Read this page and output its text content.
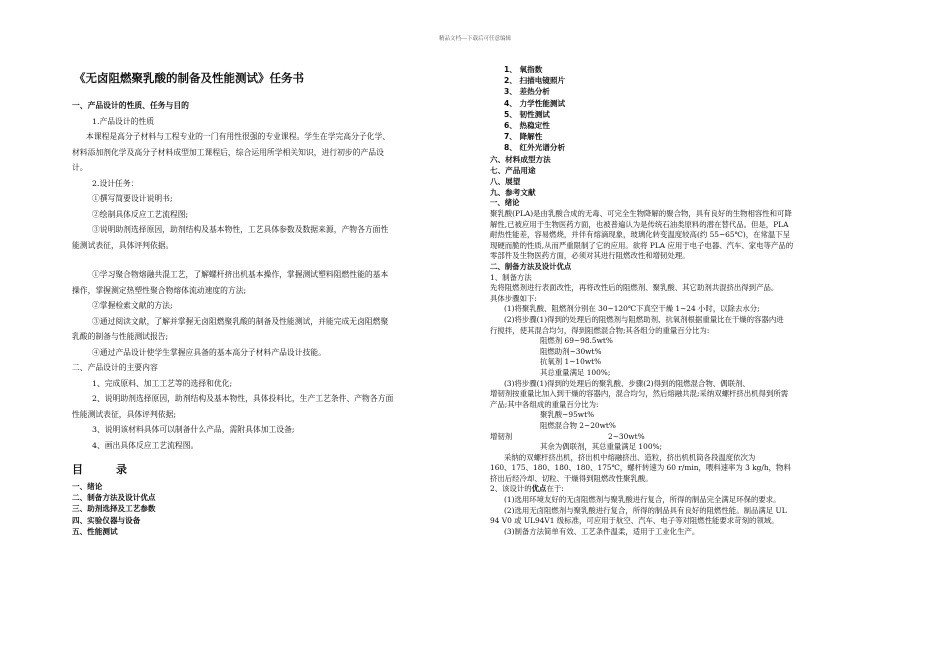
精品文档---下载后可任意编辑
《无卤阻燃聚乳酸的制备及性能测试》任务书
一、产品设计的性质、任务与目的
1.产品设计的性质
本课程是高分子材料与工程专业的一门有用性很强的专业课程。学生在学完高分子化学、
材料添加剂化学及高分子材料成型加工课程后，综合运用所学相关知识，进行初步的产品设
计。
2.设计任务：
①撰写简要设计说明书;
②绘制具体反应工艺流程图;
③说明助剂选择原因，助剂结构及基本物性，工艺具体参数及数据来源，产物各方面性
能测试表征，具体评判依据。
①学习聚合物熔融共混工艺，了解螺杆挤出机基本操作，掌握测试塑料阻燃性能的基本
操作，掌握测定热塑性聚合物熔体流动速度的方法;
②掌握检索文献的方法;
③通过阅读文献，了解并掌握无卤阻燃聚乳酸的制备及性能测试，并能完成无卤阻燃聚
乳酸的制备与性能测试报告;
④通过产品设计使学生掌握应具备的基本高分子材料产品设计技能。
二、产品设计的主要内容
1、完成原料、加工工艺等的选择和优化;
2、说明助剂选择原因，助剂结构及基本物性，具体投料比，生产工艺条件、产物各方面
性能测试表征，具体评判依据;
3、说明该材料具体可以制备什么产品，需附具体加工设备;
4、画出具体反应工艺流程图。
目	录
一、绪论
二、制备方法及设计优点
三、助剂选择及工艺参数
四、实验仪器与设备
五、性能测试
1、 氧指数
2、 扫描电镜照片
3、 差热分析
4、 力学性能测试
5、 韧性测试
6、 热稳定性
7、 降解性
8、 红外光谱分析
六、材料成型方法
七、产品用途
八、展望
九、参考文献
一、绪论
聚乳酸(PLA)是由乳酸合成的无毒、可完全生物降解的聚合物，具有良好的生物相容性和可降
解性,已被应用于生物医药方面，也被普遍认为是传统石油类原料的潜在替代品。但是，PLA
耐热性能差，容易燃烧，并伴有熔滴现象，玻璃化转变温度较高(约 55~65℃)，在常温下呈
现硬而脆的性质,从而严重限制了它的应用。欲将 PLA 应用于电子电器、汽车、家电等产品的
零部件及生物医药方面，必须对其进行阻燃改性和增韧处理。
二、制备方法及设计优点
1、制备方法
先将阻燃剂进行表面改性，再将改性后的阻燃剂、聚乳酸、其它助剂共混挤出得到产品。
具体步骤如下:
(1)将聚乳酸、阻燃剂分别在 30~120℃下真空干燥 1~24 小时，以除去水分;
(2)将步骤(1)得到的处理后的阻燃剂与阻燃助剂、抗氧剂根据重量比在干燥的容器内进
行搅拌，使其混合均匀，得到阻燃混合物;其各组分的重量百分比为:
阻燃剂 69~98.5wt%
阻燃助剂~30wt%
抗氧剂 1~10wt%
其总重量满足 100%;
(3)将步骤(1)得到的处理后的聚乳酸、步骤(2)得到的阻燃混合物、偶联剂、
增韧剂按重量比加入到干燥的容器内，混合均匀，然后熔融共混;采纳双螺杆挤出机得到所需
产品;其中各组成的重量百分比为:
聚乳酸~95wt%
阻燃混合物 2~20wt%
增韧剂	2~30wt%
其余为偶联剂，其总重量满足 100%;
采纳的双螺杆挤出机，挤出机中熔融挤出、造粒，挤出机机筒各段温度依次为
160、175、180、180、180、175℃，螺杆转速为 60 r/min，喂料速率为 3 kg/h，物料
挤出后经冷却、切粒、干燥得到阻燃改性聚乳酸。
2、该设计的优点在于:
(1)选用环境友好的无卤阻燃剂与聚乳酸进行复合，所得的制品完全满足环保的要求。
(2)选用无卤阻燃剂与聚乳酸进行复合，所得的制品具有良好的阻燃性能。制品满足 UL
94 V0 或 UL94V1 级标准，可应用于航空、汽车、电子等对阻燃性能要求苛刻的领域。
(3)制备方法简单有效、工艺条件温柔，适用于工业化生产。
